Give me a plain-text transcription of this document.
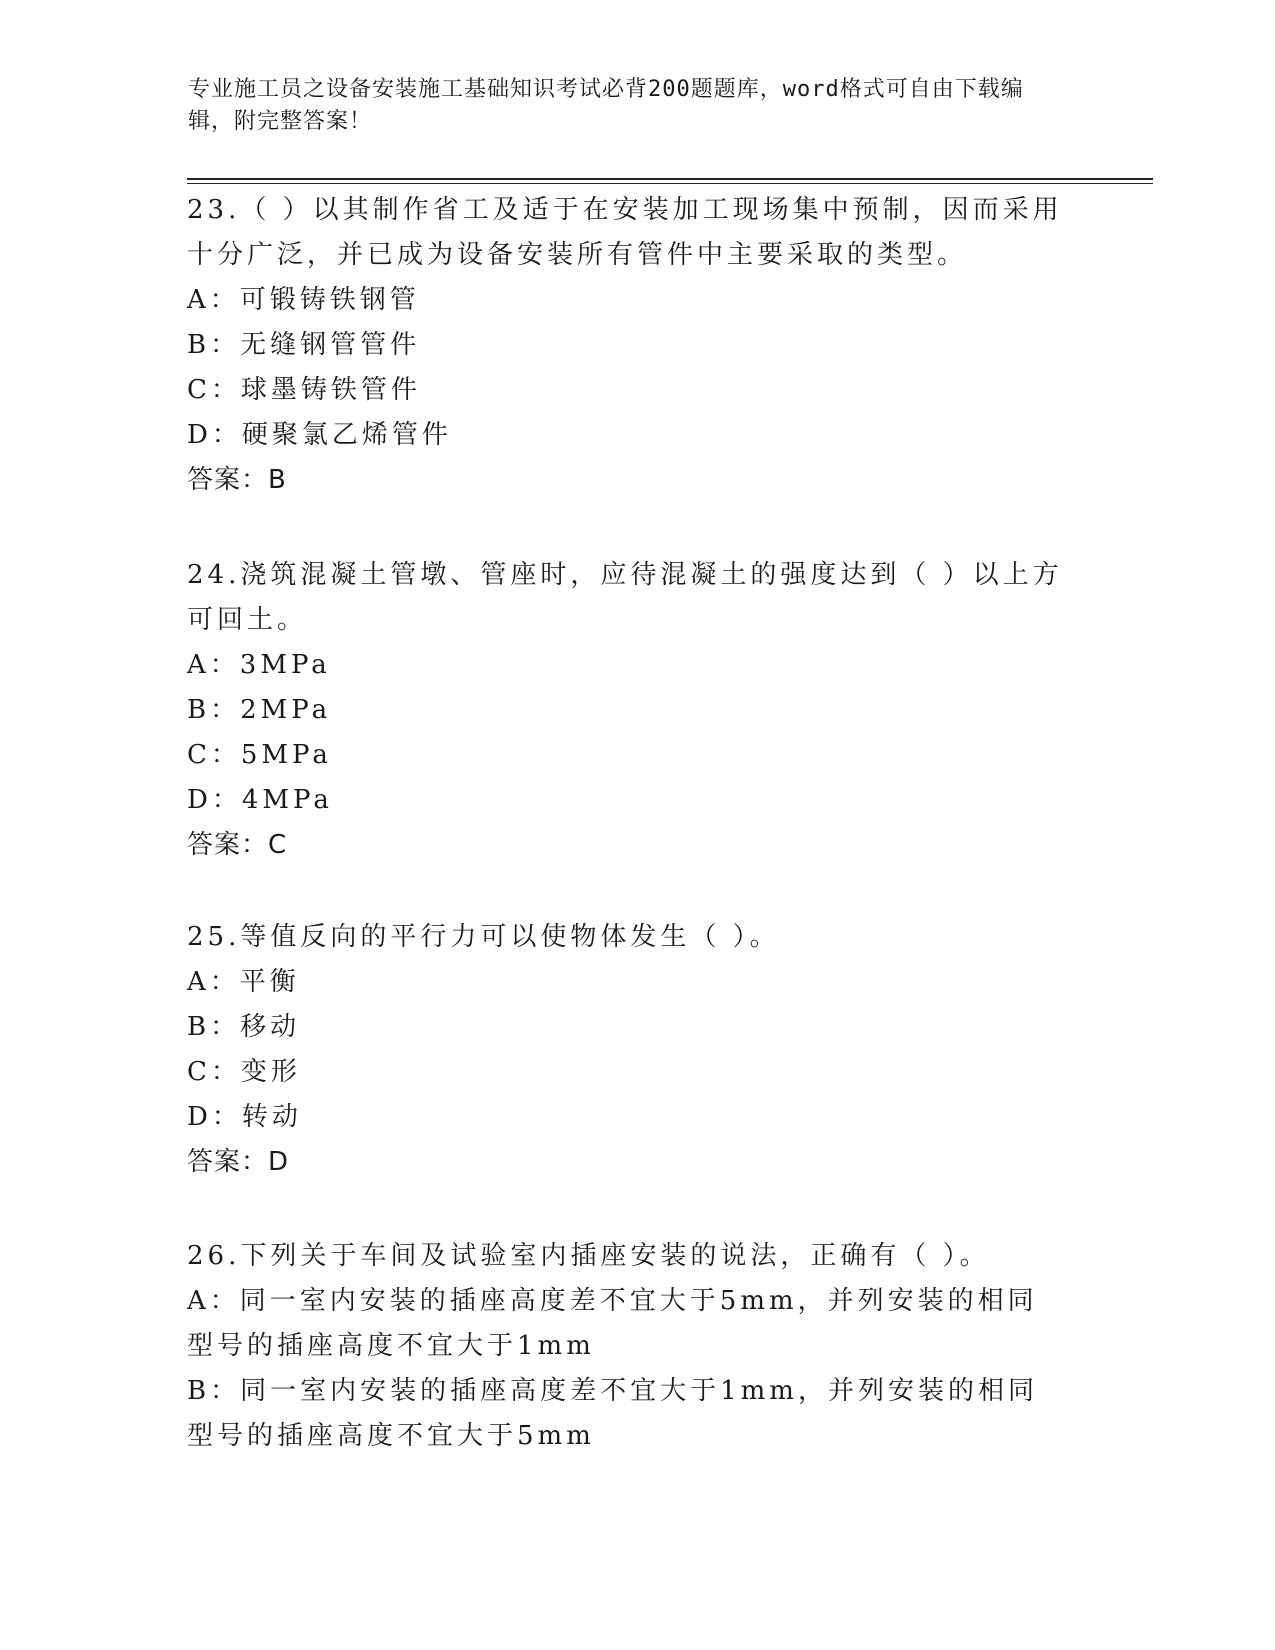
专业施工员之设备安装施工基础知识考试必背200题题库，word格式可自由下载编辑，附完整答案！
23.（ ）以其制作省工及适于在安装加工现场集中预制，因而采用十分广泛，并已成为设备安装所有管件中主要采取的类型。
A：可锻铸铁钢管
B：无缝钢管管件
C：球墨铸铁管件
D：硬聚氯乙烯管件
答案：B
24.浇筑混凝土管墩、管座时，应待混凝土的强度达到（ ）以上方可回土。
A：3MPa
B：2MPa
C：5MPa
D：4MPa
答案：C
25.等值反向的平行力可以使物体发生（ ）。
A：平衡
B：移动
C：变形
D：转动
答案：D
26.下列关于车间及试验室内插座安装的说法，正确有（ ）。
A：同一室内安装的插座高度差不宜大于5mm，并列安装的相同型号的插座高度不宜大于1mm
B：同一室内安装的插座高度差不宜大于1mm，并列安装的相同型号的插座高度不宜大于5mm
